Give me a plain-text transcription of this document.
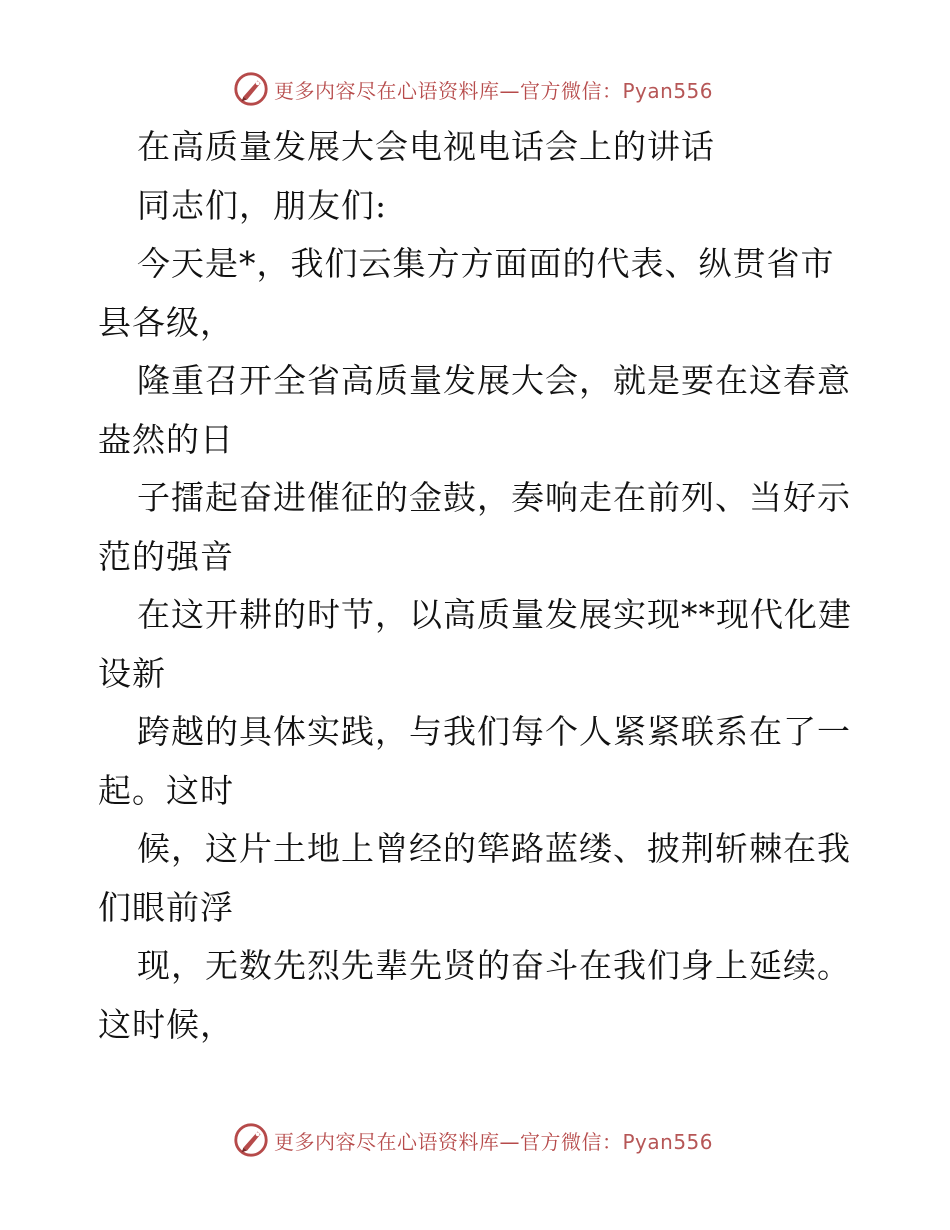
更多内容尽在心语资料库—官方微信：Pyan556
在高质量发展大会电视电话会上的讲话
同志们，朋友们:
今天是*，我们云集方方面面的代表、纵贯省市
县各级，
隆重召开全省高质量发展大会，就是要在这春意
盎然的日
子擂起奋进催征的金鼓，奏响走在前列、当好示
范的强音
在这开耕的时节，以高质量发展实现**现代化建
设新
跨越的具体实践，与我们每个人紧紧联系在了一
起。这时
候，这片土地上曾经的筚路蓝缕、披荆斩棘在我
们眼前浮
现，无数先烈先辈先贤的奋斗在我们身上延续。
这时候，
更多内容尽在心语资料库—官方微信：Pyan556
